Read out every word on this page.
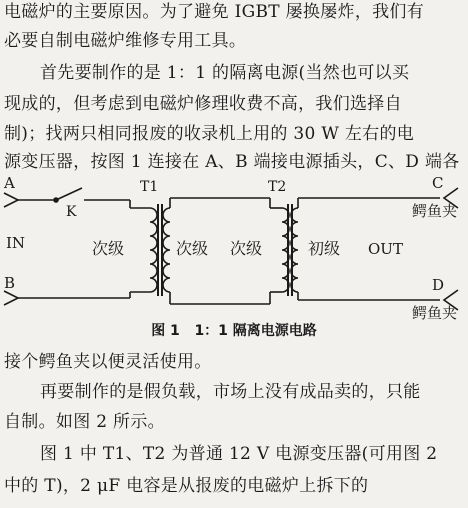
电磁炉的主要原因。为了避免 IGBT 屡换屡炸，我们有
必要自制电磁炉维修专用工具。
首先要制作的是 1：1 的隔离电源(当然也可以买
现成的，但考虑到电磁炉修理收费不高，我们选择自
制)；找两只相同报废的收录机上用的 30 W 左右的电
源变压器，按图 1 连接在 A、B 端接电源插头，C、D 端各
A
B
K
IN
T1	T2
次级	次级 次级	初级 OUT
C
鳄鱼夹
D
鳄鱼夹
图 1 1：1 隔离电源电路
接个鳄鱼夹以便灵活使用。
再要制作的是假负载，市场上没有成品卖的，只能
自制。如图 2 所示。
图 1 中 T1、T2 为普通 12 V 电源变压器(可用图 2
中的 T)，2 μF 电容是从报废的电磁炉上拆下的
